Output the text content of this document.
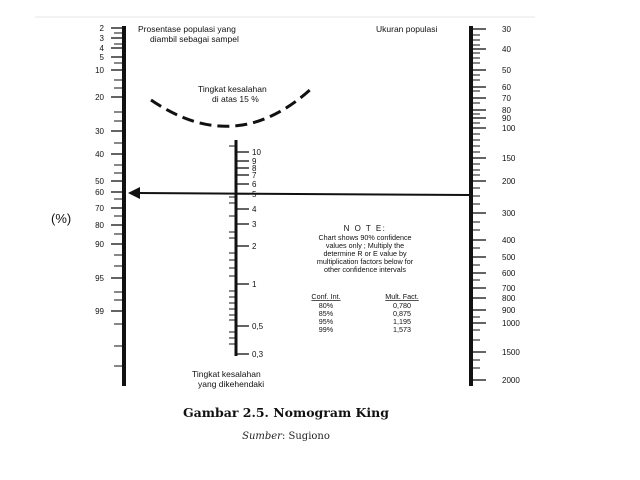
2
3
4
5
10
20
30
40
50
60
70
80
90
95
99
Prosentase populasi yang
diambil sebagai sampel
(%)
10
9
8
7
6
4
3
2
1
0,5
0,3
Tingkat kesalahan
di atas 15 %
Tingkat kesalahan
yang dikehendaki
30
40
50
60
70
80
90
100
150
200
300
400
500
600
700
800
900
1000
1500
2000
Ukuran populasi
N O T E:
Chart shows 90% confidence
values only ; Multiply the
determine R or E value by
multiplication factors below for
other confidence intervals
Conf. Int.	Mult. Fact.
80%	0,780
85%	0,875
95%	1,195
99%	1,573
Gambar 2.5. Nomogram King
Sumber: Sugiono
